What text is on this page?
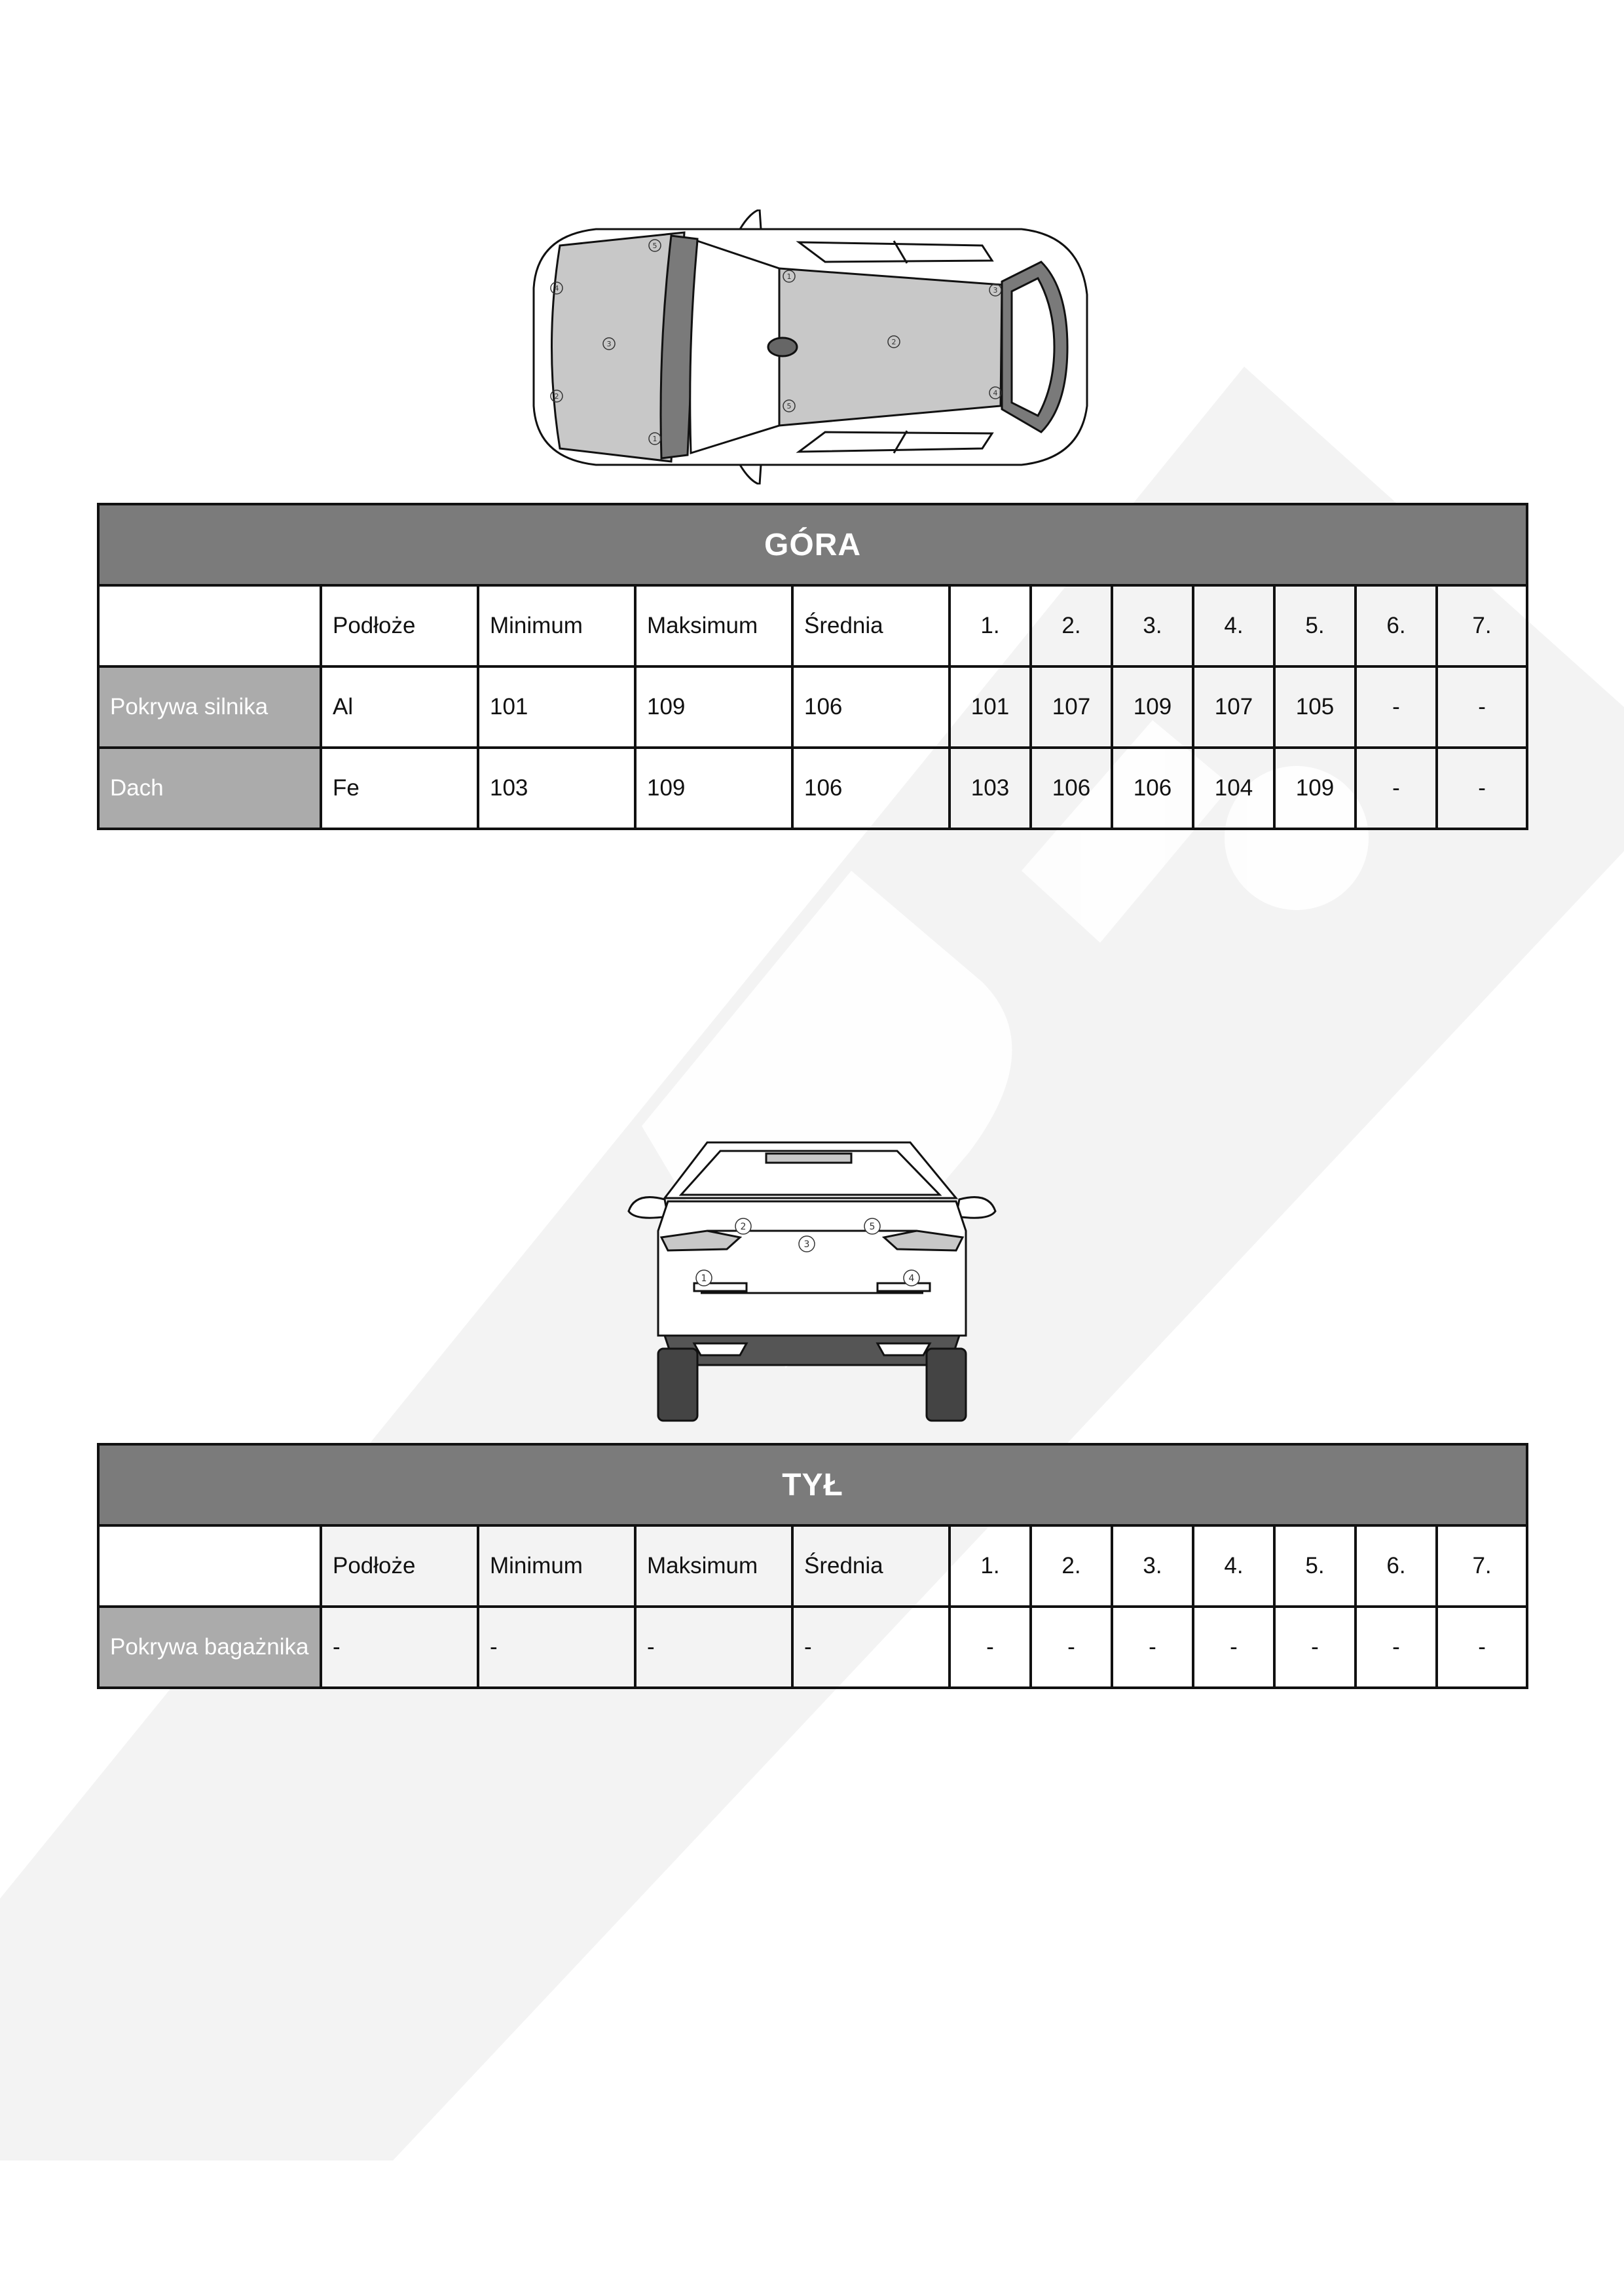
5
4
3
2
1
1
2
3
4
5
GÓRA											
	Podłoże	Minimum	Maksimum	Średnia	1.	2.	3.	4.	5.	6.	7.
Pokrywa silnika	Al	101	109	106	101	107	109	107	105	-	-
Dach	Fe	103	109	106	103	106	106	104	109	-	-
1
2
3
4
5
TYŁ											
	Podłoże	Minimum	Maksimum	Średnia	1.	2.	3.	4.	5.	6.	7.
Pokrywa bagażnika	-	-	-	-	-	-	-	-	-	-	-
